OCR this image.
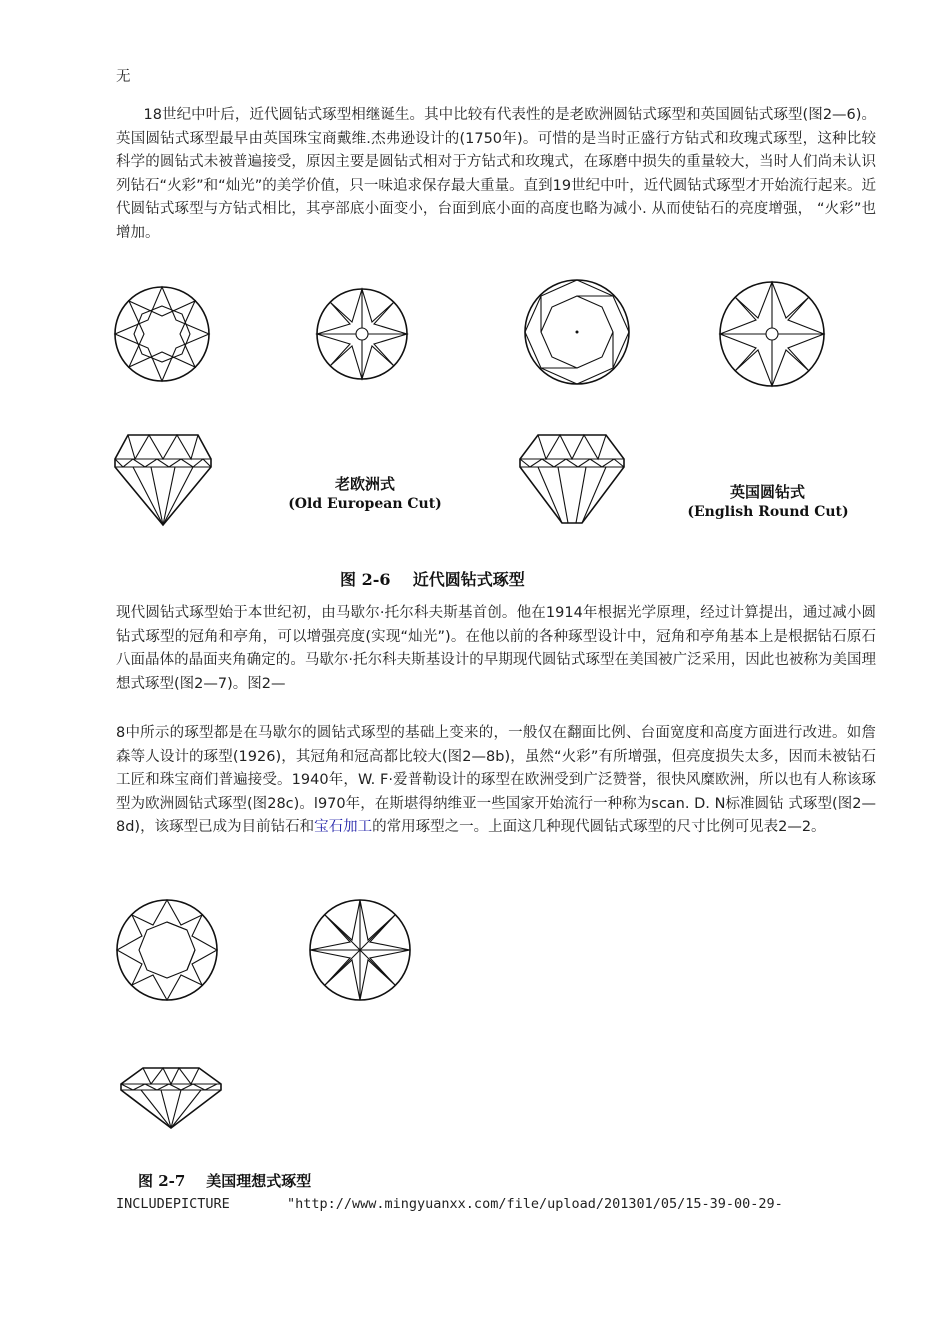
无

18世纪中叶后，近代圆钻式琢型相继诞生。其中比较有代表性的是老欧洲圆钻式琢型和英国圆钻式琢型(图2—6)。英国圆钻式琢型最早由英国珠宝商戴维.杰弗逊设计的(1750年)。可惜的是当时正盛行方钻式和玫瑰式琢型，这种比较科学的圆钻式未被普遍接受，原因主要是圆钻式相对于方钻式和玫瑰式，在琢磨中损失的重量较大，当时人们尚未认识列钻石“火彩”和“灿光”的美学价值，只一味追求保存最大重量。直到19世纪中叶，近代圆钻式琢型才开始流行起来。近代圆钻式琢型与方钻式相比，其亭部底小面变小，台面到底小面的高度也略为减小. 从而使钻石的亮度增强， “火彩”也增加。

老欧洲式
(Old European Cut)
英国圆钻式
(English Round Cut)
图 2-6    近代圆钻式琢型

现代圆钻式琢型始于本世纪初，由马歇尔·托尔科夫斯基首创。他在1914年根据光学原理，经过计算提出，通过减小圆钻式琢型的冠角和亭角，可以增强亮度(实现“灿光”)。在他以前的各种琢型设计中，冠角和亭角基本上是根据钻石原石八面晶体的晶面夹角确定的。马歇尔·托尔科夫斯基设计的早期现代圆钻式琢型在美国被广泛采用，因此也被称为美国理想式琢型(图2—7)。图2—

8中所示的琢型都是在马歇尔的圆钻式琢型的基础上变来的，一般仅在翻面比例、台面宽度和高度方面进行改进。如詹森等人设计的琢型(1926)，其冠角和冠高都比较大(图2—8b)，虽然“火彩”有所增强，但亮度损失太多，因而未被钻石工匠和珠宝商们普遍接受。1940年，W. F·爱普勒设计的琢型在欧洲受到广泛赞誉，很快风糜欧洲，所以也有人称该琢型为欧洲圆钻式琢型(图28c)。l970年，在斯堪得纳维亚一些国家开始流行一种称为scan. D. N标准圆钻 式琢型(图2—8d)，该琢型已成为目前钻石和宝石加工的常用琢型之一。上面这几种现代圆钻式琢型的尺寸比例可见表2—2。

图 2-7    美国理想式琢型
INCLUDEPICTURE	"http://www.mingyuanxx.com/file/upload/201301/05/15-39-00-29-
